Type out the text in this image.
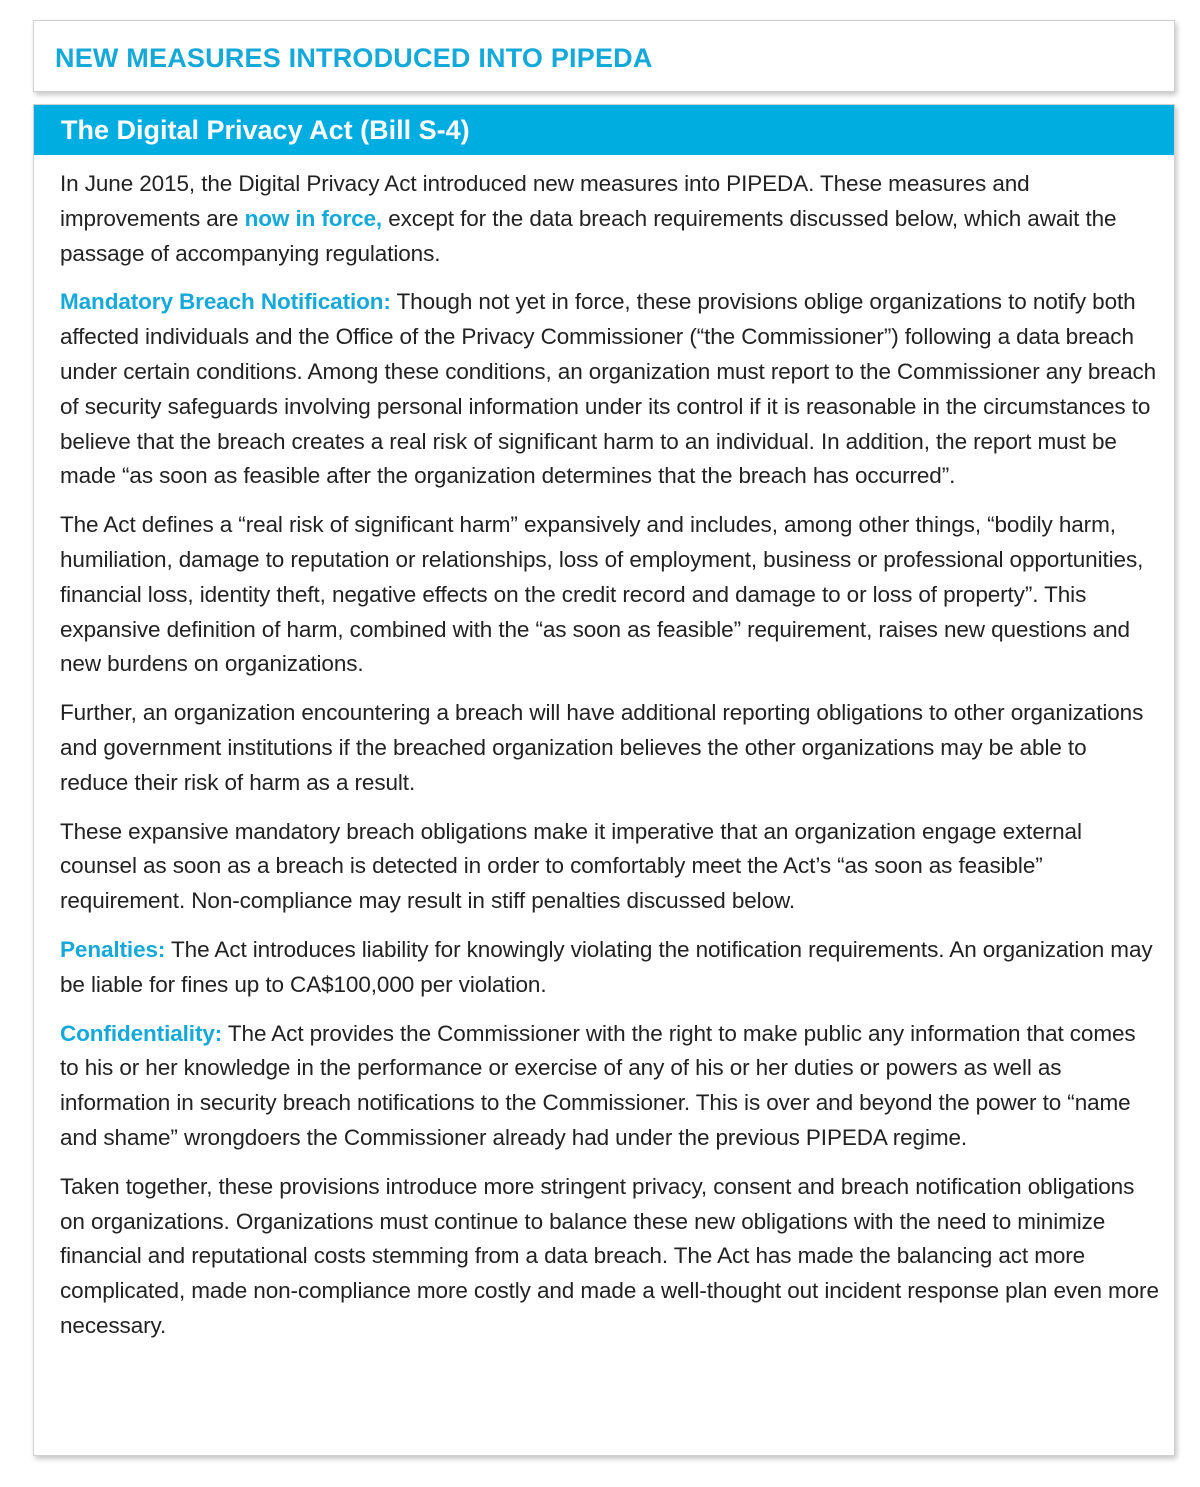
NEW MEASURES INTRODUCED INTO PIPEDA
The Digital Privacy Act (Bill S-4)

In June 2015, the Digital Privacy Act introduced new measures into PIPEDA. These measures and improvements are now in force, except for the data breach requirements discussed below, which await the passage of accompanying regulations.

Mandatory Breach Notification: Though not yet in force, these provisions oblige organizations to notify both affected individuals and the Office of the Privacy Commissioner (“the Commissioner”) following a data breach under certain conditions. Among these conditions, an organization must report to the Commissioner any breach of security safeguards involving personal information under its control if it is reasonable in the circumstances to believe that the breach creates a real risk of significant harm to an individual. In addition, the report must be made “as soon as feasible after the organization determines that the breach has occurred”.

The Act defines a “real risk of significant harm” expansively and includes, among other things, “bodily harm, humiliation, damage to reputation or relationships, loss of employment, business or professional opportunities, financial loss, identity theft, negative effects on the credit record and damage to or loss of property”. This expansive definition of harm, combined with the “as soon as feasible” requirement, raises new questions and new burdens on organizations.

Further, an organization encountering a breach will have additional reporting obligations to other organizations and government institutions if the breached organization believes the other organizations may be able to reduce their risk of harm as a result.

These expansive mandatory breach obligations make it imperative that an organization engage external counsel as soon as a breach is detected in order to comfortably meet the Act’s “as soon as feasible” requirement. Non-compliance may result in stiff penalties discussed below.

Penalties: The Act introduces liability for knowingly violating the notification requirements. An organization may be liable for fines up to CA$100,000 per violation.

Confidentiality: The Act provides the Commissioner with the right to make public any information that comes to his or her knowledge in the performance or exercise of any of his or her duties or powers as well as information in security breach notifications to the Commissioner. This is over and beyond the power to “name and shame” wrongdoers the Commissioner already had under the previous PIPEDA regime.

Taken together, these provisions introduce more stringent privacy, consent and breach notification obligations on organizations. Organizations must continue to balance these new obligations with the need to minimize financial and reputational costs stemming from a data breach. The Act has made the balancing act more complicated, made non-compliance more costly and made a well-thought out incident response plan even more necessary.
